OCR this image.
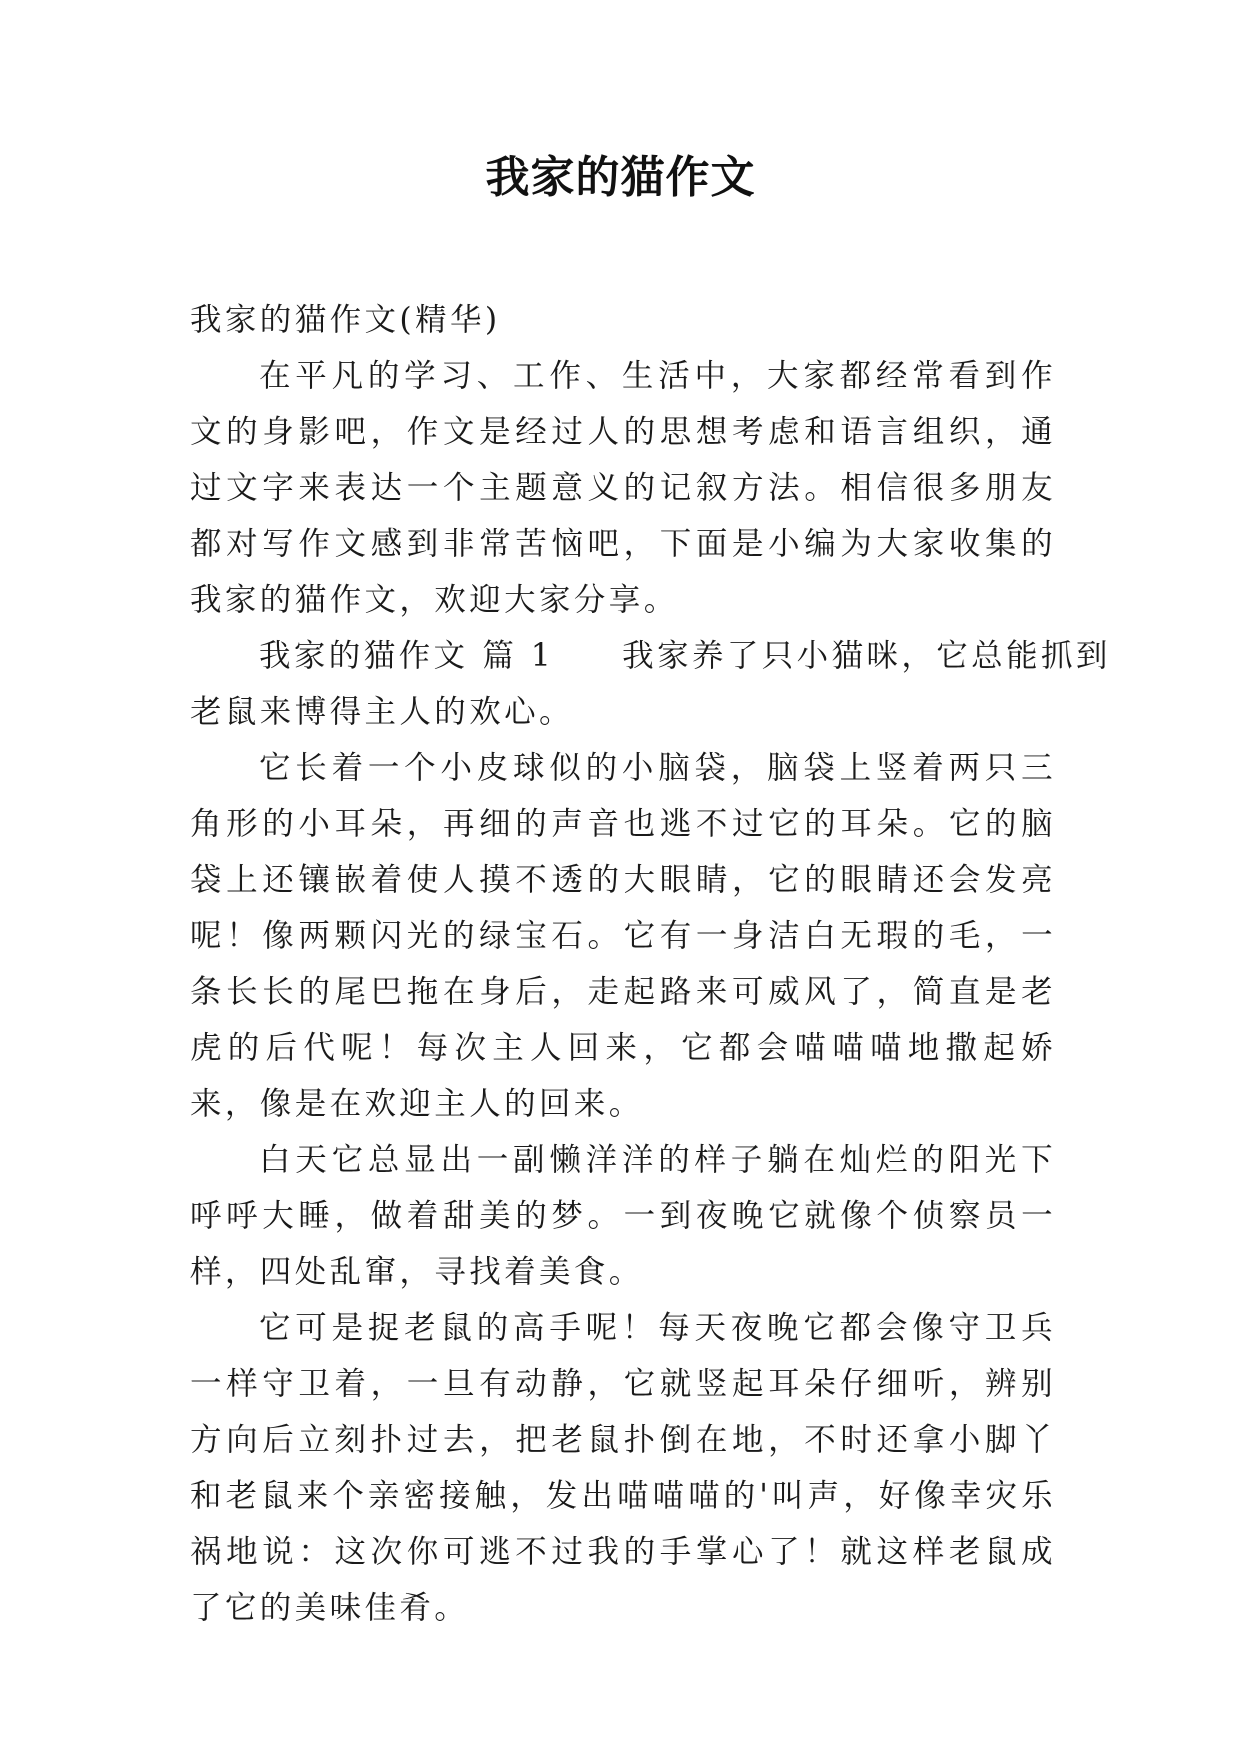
我家的猫作文

我家的猫作文(精华)

在平凡的学习、工作、生活中，大家都经常看到作文的身影吧，作文是经过人的思想考虑和语言组织，通过文字来表达一个主题意义的记叙方法。相信很多朋友都对写作文感到非常苦恼吧，下面是小编为大家收集的我家的猫作文，欢迎大家分享。

我家的猫作文 篇 1 我家养了只小猫咪，它总能抓到

老鼠来博得主人的欢心。

它长着一个小皮球似的小脑袋，脑袋上竖着两只三角形的小耳朵，再细的声音也逃不过它的耳朵。它的脑袋上还镶嵌着使人摸不透的大眼睛，它的眼睛还会发亮呢！像两颗闪光的绿宝石。它有一身洁白无瑕的毛，一条长长的尾巴拖在身后，走起路来可威风了，简直是老虎的后代呢！每次主人回来，它都会喵喵喵地撒起娇来，像是在欢迎主人的回来。

白天它总显出一副懒洋洋的样子躺在灿烂的阳光下呼呼大睡，做着甜美的梦。一到夜晚它就像个侦察员一样，四处乱窜，寻找着美食。

它可是捉老鼠的高手呢！每天夜晚它都会像守卫兵一样守卫着，一旦有动静，它就竖起耳朵仔细听，辨别方向后立刻扑过去，把老鼠扑倒在地，不时还拿小脚丫和老鼠来个亲密接触，发出喵喵喵的'叫声，好像幸灾乐祸地说：这次你可逃不过我的手掌心了！就这样老鼠成了它的美味佳肴。
